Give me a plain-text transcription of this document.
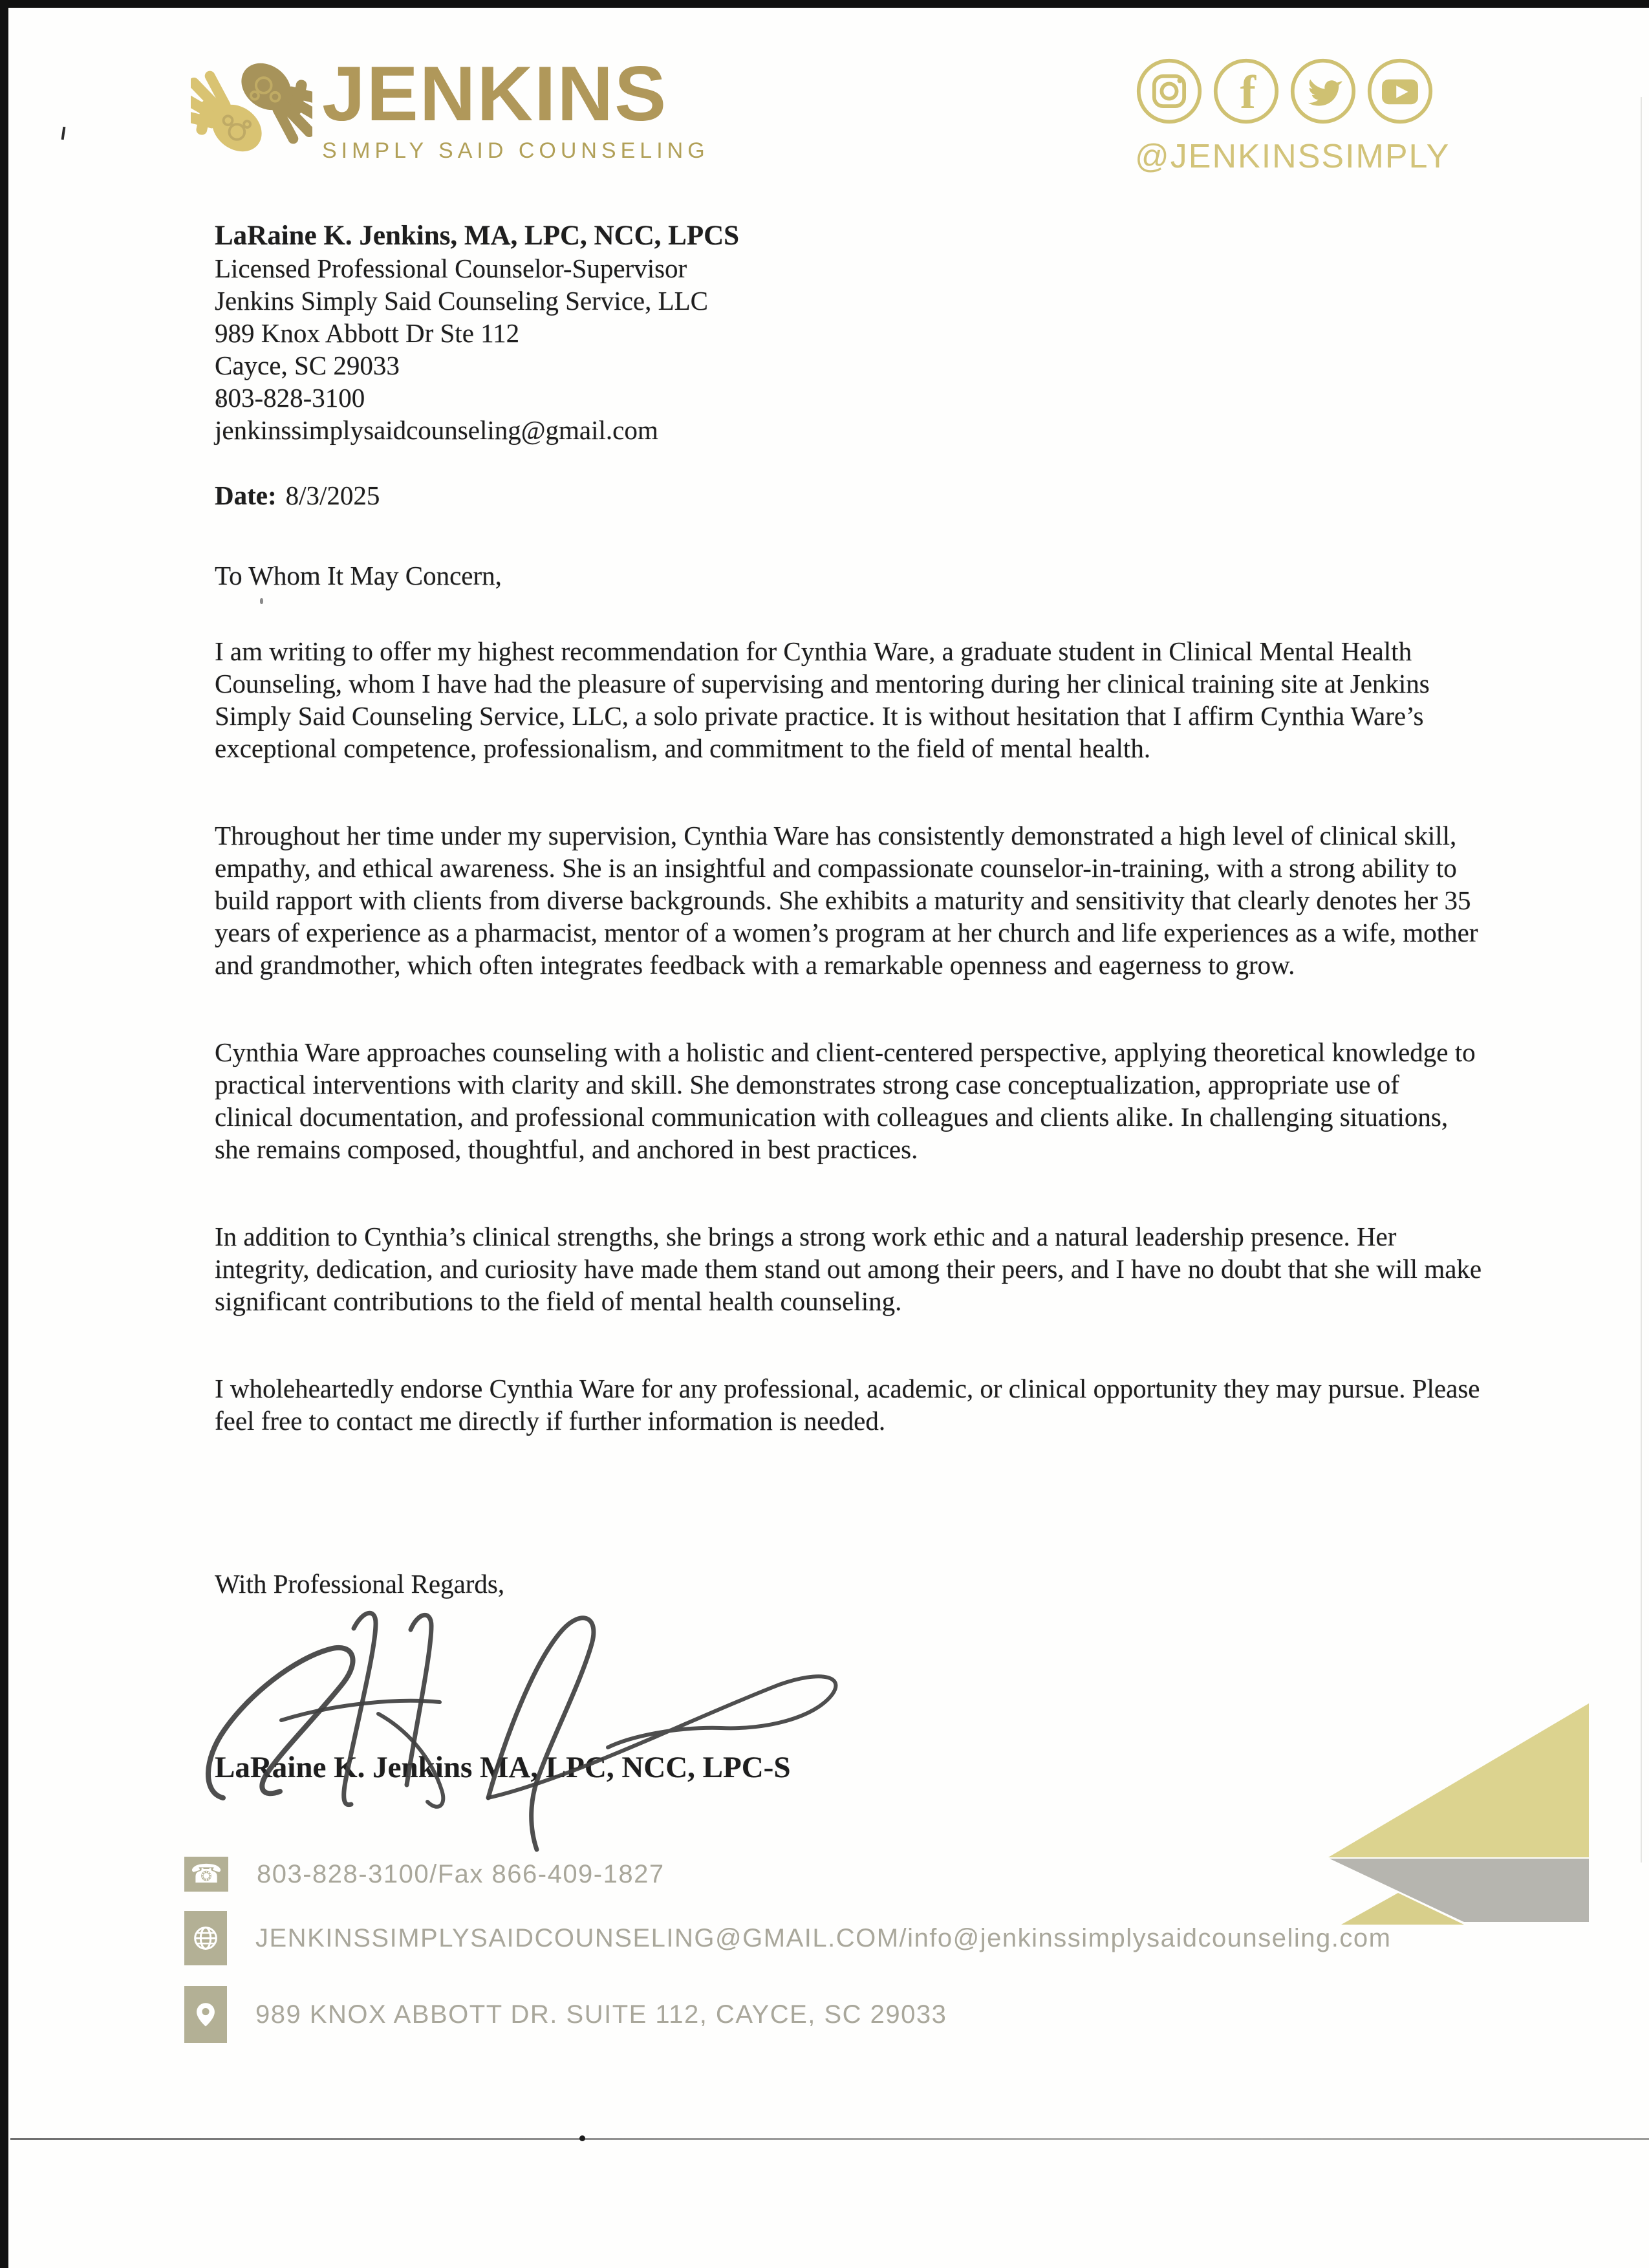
JENKINS
SIMPLY SAID COUNSELING
f
@JENKINSSIMPLY
LaRaine K. Jenkins, MA, LPC, NCC, LPCS
Licensed Professional Counselor-Supervisor
Jenkins Simply Said Counseling Service, LLC
989 Knox Abbott Dr Ste 112
Cayce, SC 29033
803-828-3100
jenkinssimplysaidcounseling@gmail.com
Date: 8/3/2025
To Whom It May Concern,

I am writing to offer my highest recommendation for Cynthia Ware, a graduate student in Clinical Mental Health Counseling, whom I have had the pleasure of supervising and mentoring during her clinical training site at Jenkins Simply Said Counseling Service, LLC, a solo private practice. It is without hesitation that I affirm Cynthia Ware’s exceptional competence, professionalism, and commitment to the field of mental health.

Throughout her time under my supervision, Cynthia Ware has consistently demonstrated a high level of clinical skill, empathy, and ethical awareness. She is an insightful and compassionate counselor-in-training, with a strong ability to build rapport with clients from diverse backgrounds. She exhibits a maturity and sensitivity that clearly denotes her 35 years of experience as a pharmacist, mentor of a women’s program at her church and life experiences as a wife, mother and grandmother, which often integrates feedback with a remarkable openness and eagerness to grow.

Cynthia Ware approaches counseling with a holistic and client-centered perspective, applying theoretical knowledge to practical interventions with clarity and skill. She demonstrates strong case conceptualization, appropriate use of clinical documentation, and professional communication with colleagues and clients alike. In challenging situations, she remains composed, thoughtful, and anchored in best practices.

In addition to Cynthia’s clinical strengths, she brings a strong work ethic and a natural leadership presence. Her integrity, dedication, and curiosity have made them stand out among their peers, and I have no doubt that she will make significant contributions to the field of mental health counseling.

I wholeheartedly endorse Cynthia Ware for any professional, academic, or clinical opportunity they may pursue. Please feel free to contact me directly if further information is needed.

With Professional Regards,
LaRaine K. Jenkins MA, LPC, NCC, LPC-S
☎ 803-828-3100/Fax 866-409-1827
JENKINSSIMPLYSAIDCOUNSELING@GMAIL.COM/info@jenkinssimplysaidcounseling.com
989 KNOX ABBOTT DR. SUITE 112, CAYCE, SC 29033
